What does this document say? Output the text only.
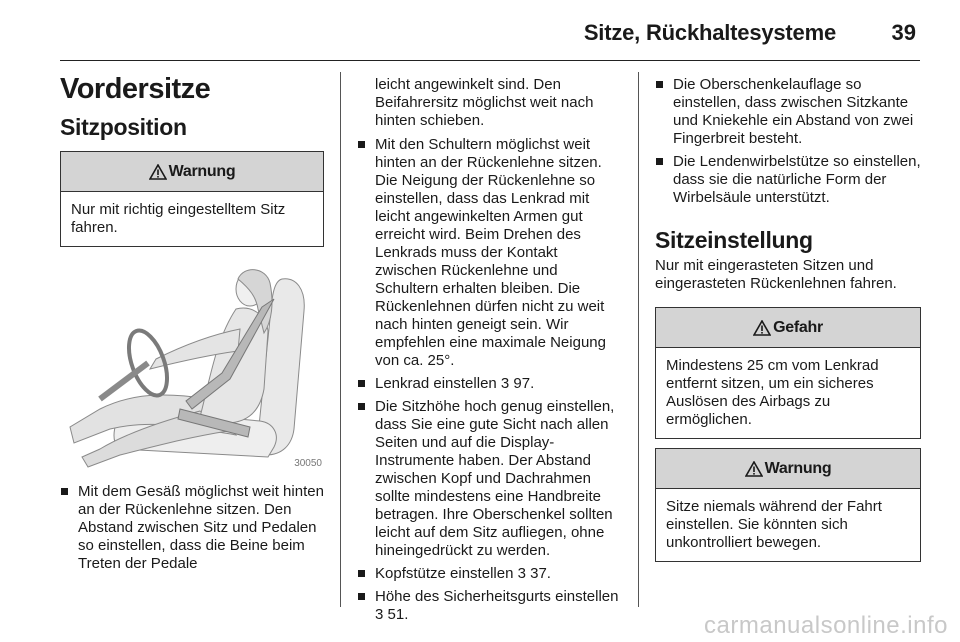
Sitze, Rückhaltesysteme	39
Vordersitze
Sitzposition
Warnung
Nur mit richtig eingestelltem Sitz fahren.
30050
Mit dem Gesäß möglichst weit hinten an der Rückenlehne sitzen. Den Abstand zwischen Sitz und Pedalen so einstellen, dass die Beine beim Treten der Pedale

leicht angewinkelt sind. Den Beifahrersitz möglichst weit nach hinten schieben.

Mit den Schultern möglichst weit hinten an der Rückenlehne sitzen. Die Neigung der Rückenlehne so einstellen, dass das Lenkrad mit leicht angewinkelten Armen gut erreicht wird. Beim Drehen des Lenkrads muss der Kontakt zwischen Rückenlehne und Schultern erhalten bleiben. Die Rückenlehnen dürfen nicht zu weit nach hinten geneigt sein. Wir empfehlen eine maximale Neigung von ca. 25°.
Lenkrad einstellen 3 97.
Die Sitzhöhe hoch genug einstellen, dass Sie eine gute Sicht nach allen Seiten und auf die Display-Instrumente haben. Der Abstand zwischen Kopf und Dachrahmen sollte mindestens eine Handbreite betragen. Ihre Oberschenkel sollten leicht auf dem Sitz aufliegen, ohne hineingedrückt zu werden.
Kopfstütze einstellen 3 37.
Höhe des Sicherheitsgurts einstellen 3 51.
Die Oberschenkelauflage so einstellen, dass zwischen Sitzkante und Kniekehle ein Abstand von zwei Fingerbreit besteht.
Die Lendenwirbelstütze so einstellen, dass sie die natürliche Form der Wirbelsäule unterstützt.
Sitzeinstellung

Nur mit eingerasteten Sitzen und eingerasteten Rückenlehnen fahren.

Gefahr
Mindestens 25 cm vom Lenkrad entfernt sitzen, um ein sicheres Auslösen des Airbags zu ermöglichen.
Warnung
Sitze niemals während der Fahrt einstellen. Sie könnten sich unkontrolliert bewegen.
carmanualsonline.info
